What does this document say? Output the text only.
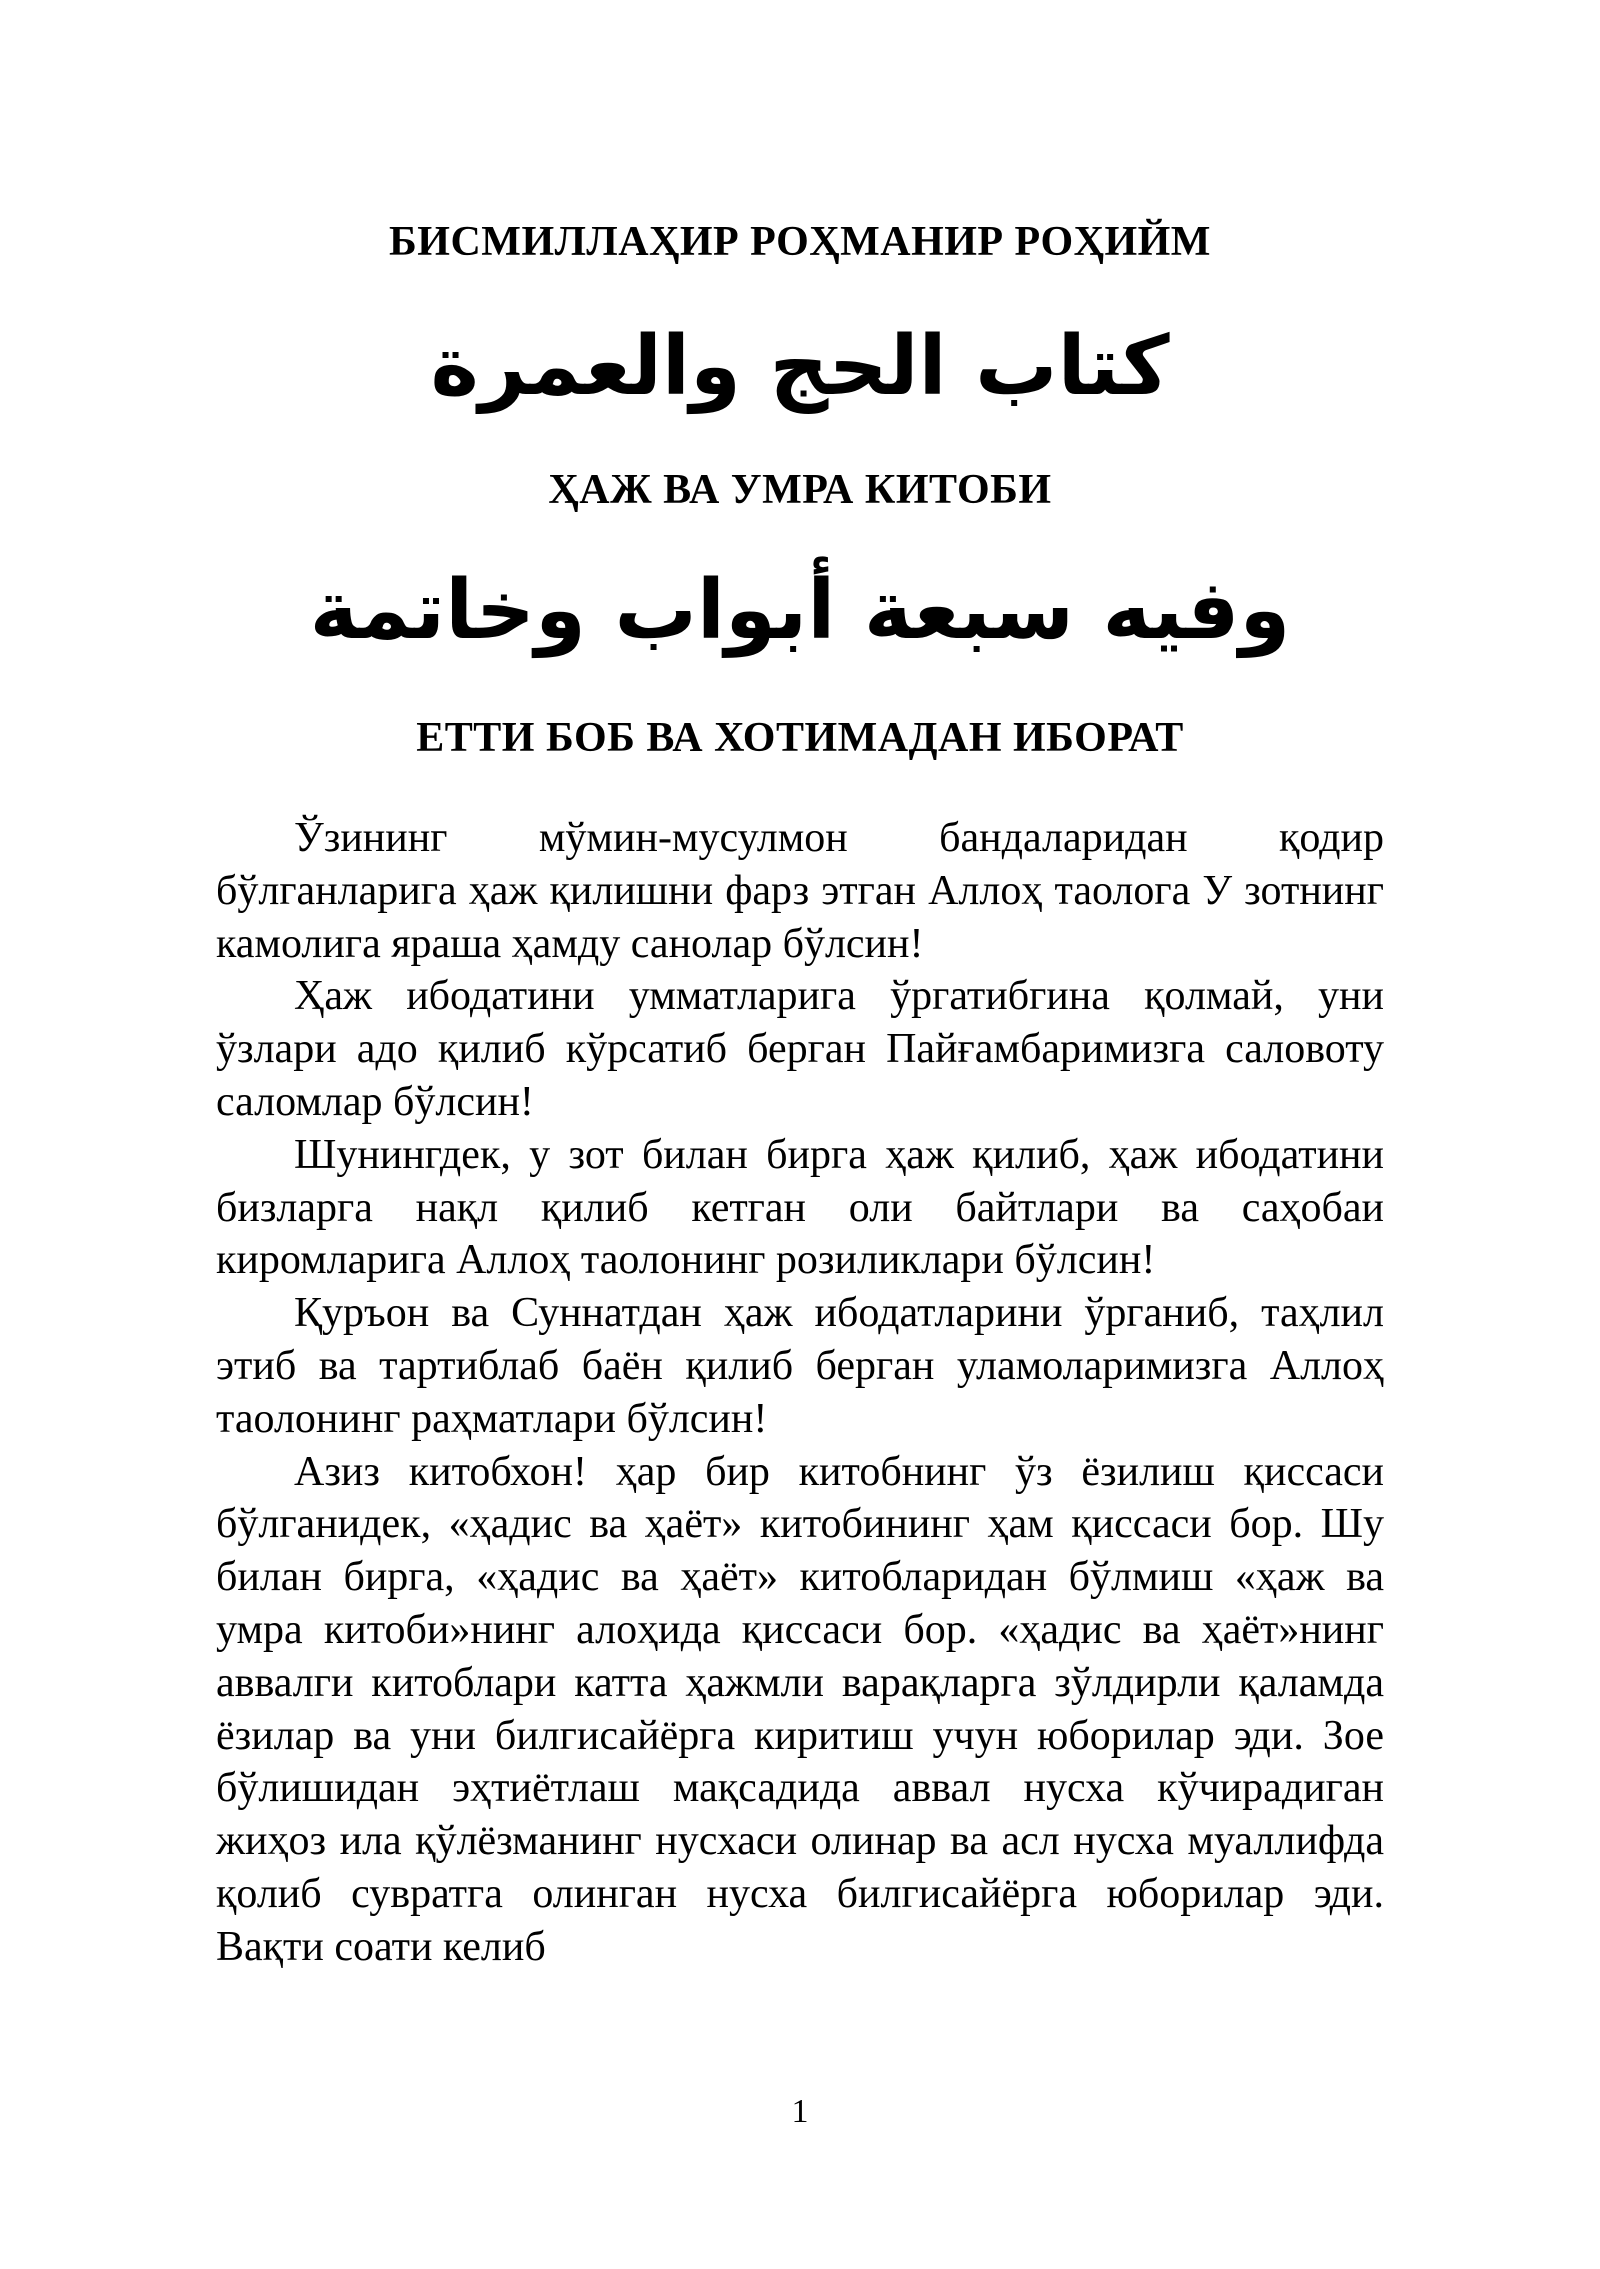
БИСМИЛЛАҲИР РОҲМАНИР РОҲИЙМ
كتاب الحج والعمرة
ҲАЖ ВА УМРА КИТОБИ
وفيه سبعة أبواب وخاتمة
ЕТТИ БОБ ВА ХОТИМАДАН ИБОРАТ

Ўзининг мўмин-мусулмон бандаларидан қодир бўлганларига ҳаж қилишни фарз этган Аллоҳ таолога У зотнинг камолига яраша ҳамду санолар бўлсин!

Ҳаж ибодатини умматларига ўргатибгина қолмай, уни ўзлари адо қилиб кўрсатиб берган Пайғамбаримизга саловоту саломлар бўлсин!

Шунингдек, у зот билан бирга ҳаж қилиб, ҳаж ибодатини бизларга нақл қилиб кетган оли байтлари ва саҳобаи киромларига Аллоҳ таолонинг розиликлари бўлсин!

Қуръон ва Суннатдан ҳаж ибодатларини ўрганиб, таҳлил этиб ва тартиблаб баён қилиб берган уламоларимизга Аллоҳ таолонинг раҳматлари бўлсин!

Азиз китобхон! ҳар бир китобнинг ўз ёзилиш қиссаси бўлганидек, «ҳадис ва ҳаёт» китобининг ҳам қиссаси бор. Шу билан бирга, «ҳадис ва ҳаёт» китобларидан бўлмиш «ҳаж ва умра китоби»нинг алоҳида қиссаси бор. «ҳадис ва ҳаёт»нинг аввалги китоблари катта ҳажмли варақларга зўлдирли қаламда ёзилар ва уни билгисайёрга киритиш учун юборилар эди. Зое бўлишидан эҳтиётлаш мақсадида аввал нусха кўчирадиган жиҳоз ила қўлёзманинг нусхаси олинар ва асл нусха муаллифда қолиб сувратга олинган нусха билгисайёрга юборилар эди. Вақти соати келиб

1
